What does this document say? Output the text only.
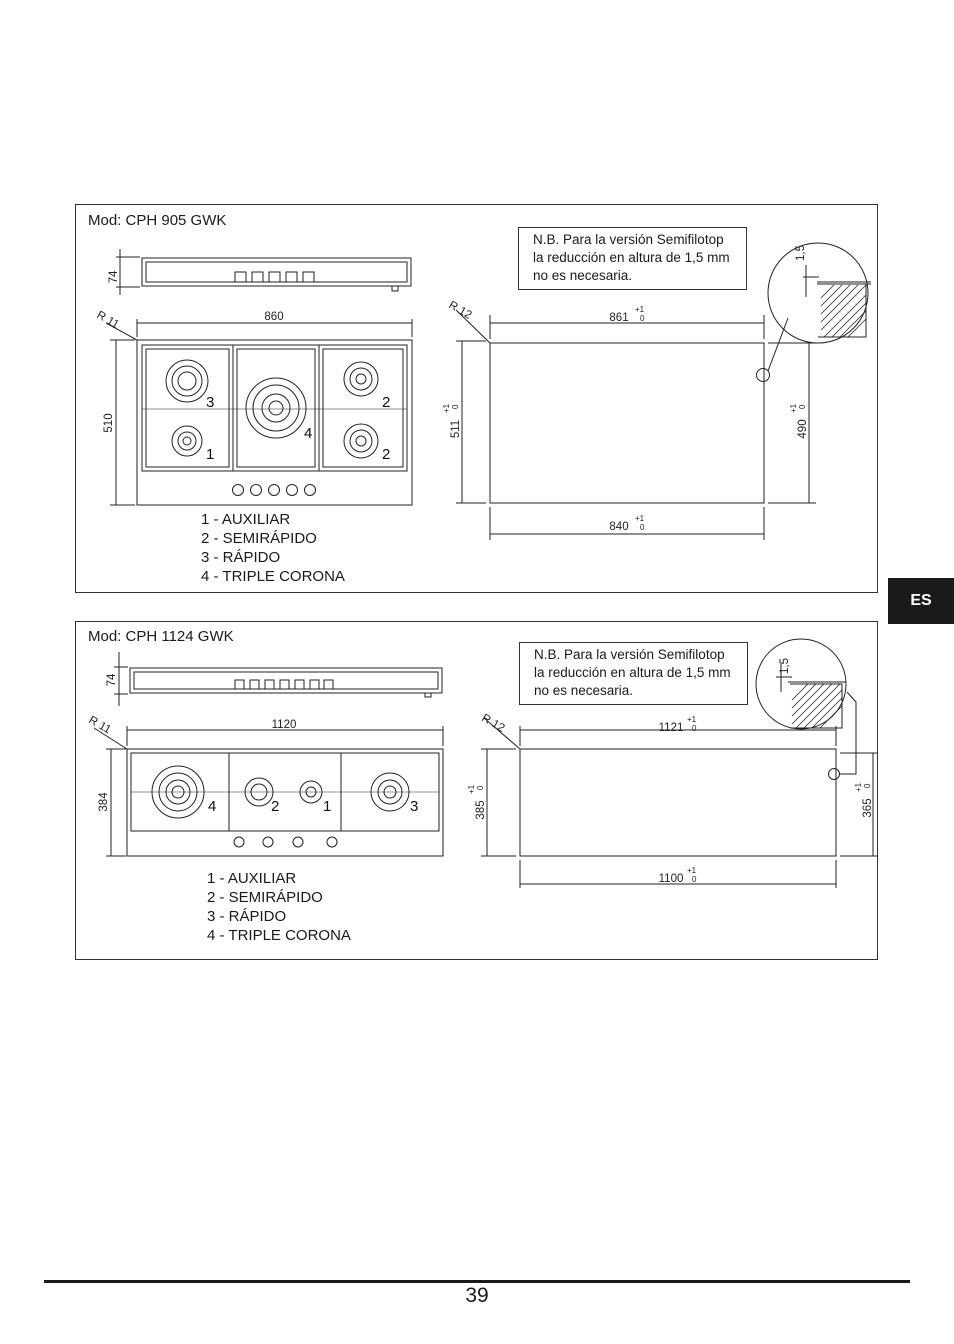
Mod: CPH 905 GWK
N.B. Para la versión Semifilotop
la reducción en altura de 1,5 mm
no es necesaria.
74
860
510
R 11	R 12	861
+1
0
840
+1
0
511
+1 0
490
+1 0
1,5
3	2
4
1	2
1 - AUXILIAR
2 - SEMIRÁPIDO
3 - RÁPIDO
4 - TRIPLE CORONA
Mod: CPH 1124 GWK
N.B. Para la versión Semifilotop
la reducción en altura de 1,5 mm
no es necesaria.
74
1120
384
R 11	R 12	1121
+1
0
1100
+1
0
385
+1 0
365
+1 0
1,5
4	2	1	3
1 - AUXILIAR
2 - SEMIRÁPIDO
3 - RÁPIDO
4 - TRIPLE CORONA
ES
39
